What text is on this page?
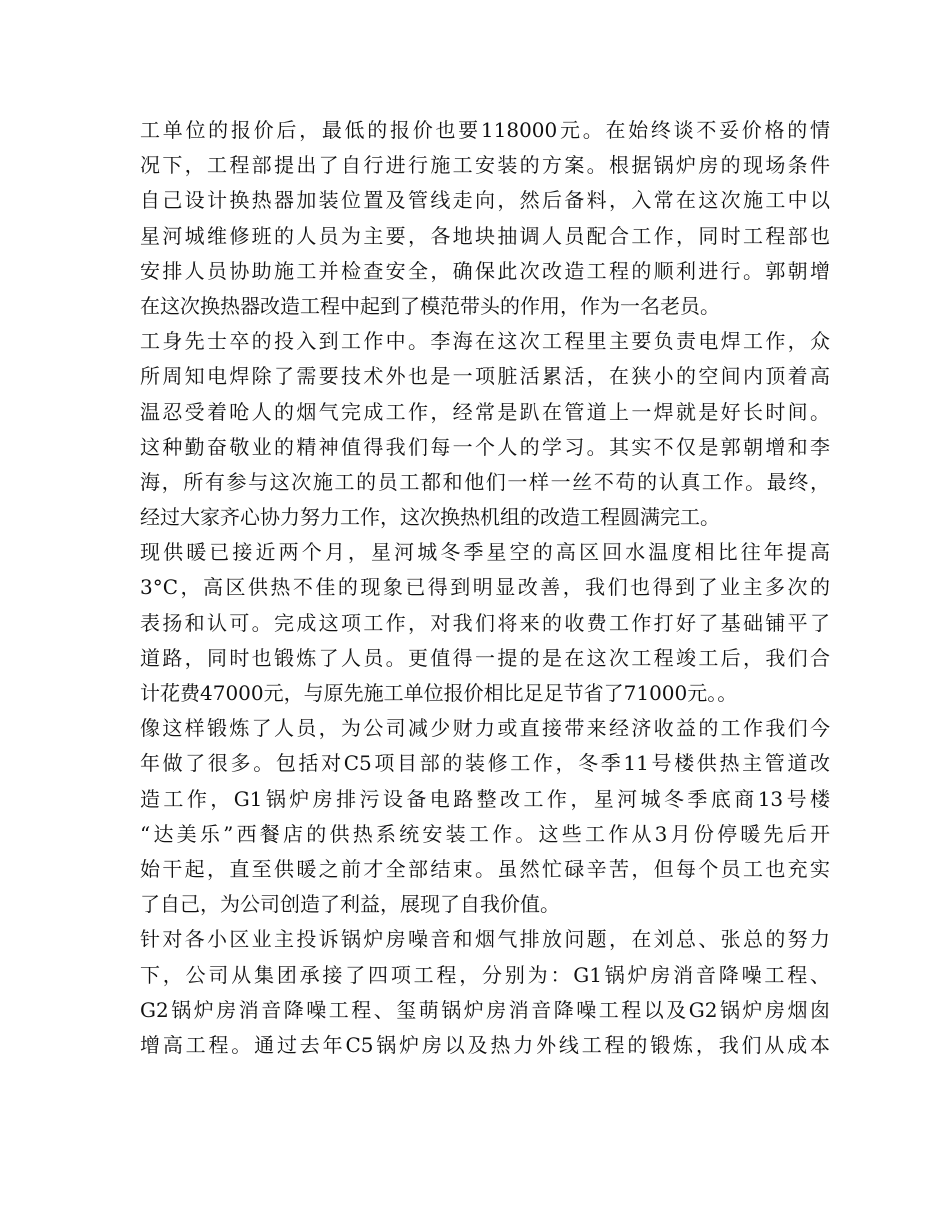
工单位的报价后，最低的报价也要118000元。在始终谈不妥价格的情
况下，工程部提出了自行进行施工安装的方案。根据锅炉房的现场条件
自己设计换热器加装位置及管线走向，然后备料，入常在这次施工中以
星河城维修班的人员为主要，各地块抽调人员配合工作，同时工程部也
安排人员协助施工并检查安全，确保此次改造工程的顺利进行。郭朝增
在这次换热器改造工程中起到了模范带头的作用，作为一名老员。
工身先士卒的投入到工作中。李海在这次工程里主要负责电焊工作，众
所周知电焊除了需要技术外也是一项脏活累活，在狭小的空间内顶着高
温忍受着呛人的烟气完成工作，经常是趴在管道上一焊就是好长时间。
这种勤奋敬业的精神值得我们每一个人的学习。其实不仅是郭朝增和李
海，所有参与这次施工的员工都和他们一样一丝不苟的认真工作。最终，
经过大家齐心协力努力工作，这次换热机组的改造工程圆满完工。
现供暖已接近两个月，星河城冬季星空的高区回水温度相比往年提高
3°C，高区供热不佳的现象已得到明显改善，我们也得到了业主多次的
表扬和认可。完成这项工作，对我们将来的收费工作打好了基础铺平了
道路，同时也锻炼了人员。更值得一提的是在这次工程竣工后，我们合
计花费47000元，与原先施工单位报价相比足足节省了71000元。。
像这样锻炼了人员，为公司减少财力或直接带来经济收益的工作我们今
年做了很多。包括对C5项目部的装修工作，冬季11号楼供热主管道改
造工作，G1锅炉房排污设备电路整改工作，星河城冬季底商13号楼
“达美乐”西餐店的供热系统安装工作。这些工作从3月份停暖先后开
始干起，直至供暖之前才全部结束。虽然忙碌辛苦，但每个员工也充实
了自己，为公司创造了利益，展现了自我价值。
针对各小区业主投诉锅炉房噪音和烟气排放问题，在刘总、张总的努力
下，公司从集团承接了四项工程，分别为：G1锅炉房消音降噪工程、
G2锅炉房消音降噪工程、玺萌锅炉房消音降噪工程以及G2锅炉房烟囱
增高工程。通过去年C5锅炉房以及热力外线工程的锻炼，我们从成本
